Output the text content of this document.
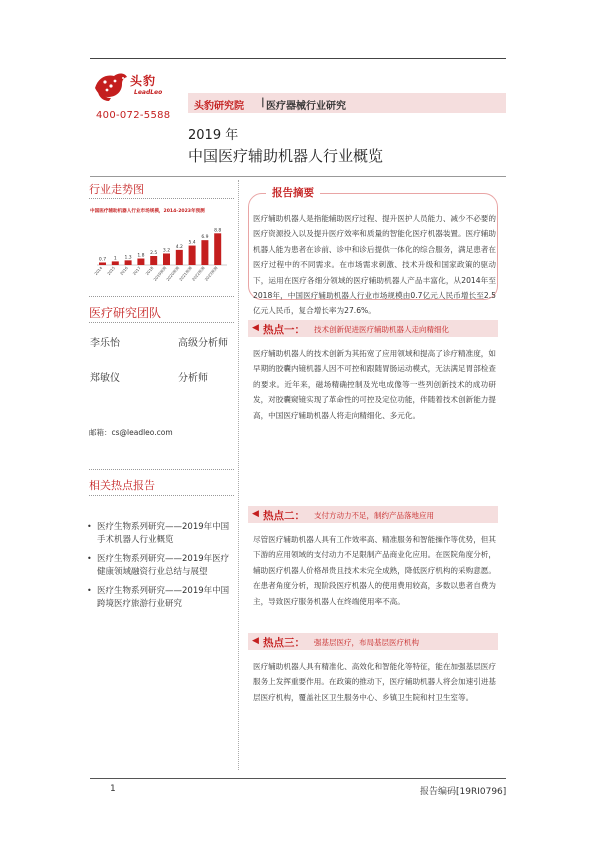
头豹
LeadLeo
400-072-5588
头豹研究院 | 医疗器械行业研究
2019 年
中国医疗辅助机器人行业概览
行业走势图
中国医疗辅助机器人行业市场规模，2014-2023年预测
0.7
2014
1
2015
1.3
2016
1.8
2017
2.5
2018
3.2
2019预测
4.2
2020预测
5.4
2021预测
6.9
2022预测
8.8
2023预测
医疗研究团队
李乐怡	高级分析师
郑敏仪	分析师
邮箱：cs@leadleo.com
相关热点报告
• 医疗生物系列研究——2019年中国手术机器人行业概览
• 医疗生物系列研究——2019年医疗健康领域融资行业总结与展望
• 医疗生物系列研究——2019年中国跨境医疗旅游行业研究
报告摘要
医疗辅助机器人是指能辅助医疗过程、提升医护人员能力、减少不必要的医疗资源投入以及提升医疗效率和质量的智能化医疗机器装置。医疗辅助机器人能为患者在诊前、诊中和诊后提供一体化的综合服务，满足患者在医疗过程中的不同需求。在市场需求刺激、技术升级和国家政策的驱动下，运用在医疗各细分领域的医疗辅助机器人产品丰富化，从2014年至2018年，中国医疗辅助机器人行业市场规模由0.7亿元人民币增长至2.5亿元人民币，复合增长率为27.6%。
◀ 热点一： 技术创新促进医疗辅助机器人走向精细化
医疗辅助机器人的技术创新为其拓宽了应用领域和提高了诊疗精准度，如早期的胶囊内镜机器人因不可控和跟随胃肠运动模式，无法满足胃部检查的要求。近年来，磁场精确控制及光电成像等一些列创新技术的成功研发，对胶囊窥镜实现了革命性的可控及定位功能，伴随着技术创新能力提高，中国医疗辅助机器人将走向精细化、多元化。
◀ 热点二： 支付方动力不足，制约产品落地应用
尽管医疗辅助机器人具有工作效率高、精准服务和智能操作等优势，但其下游的应用领域的支付动力不足限制产品商业化应用。在医院角度分析，辅助医疗机器人价格昂贵且技术未完全成熟，降低医疗机构的采购意愿。在患者角度分析，现阶段医疗机器人的使用费用较高，多数以患者自费为主，导致医疗服务机器人在终端使用率不高。
◀ 热点三： 强基层医疗，布局基层医疗机构
医疗辅助机器人具有精准化、高效化和智能化等特征，能在加强基层医疗服务上发挥重要作用。在政策的推动下，医疗辅助机器人将会加速引进基层医疗机构，覆盖社区卫生服务中心、乡镇卫生院和村卫生室等。
1	报告编码[19RI0796]
